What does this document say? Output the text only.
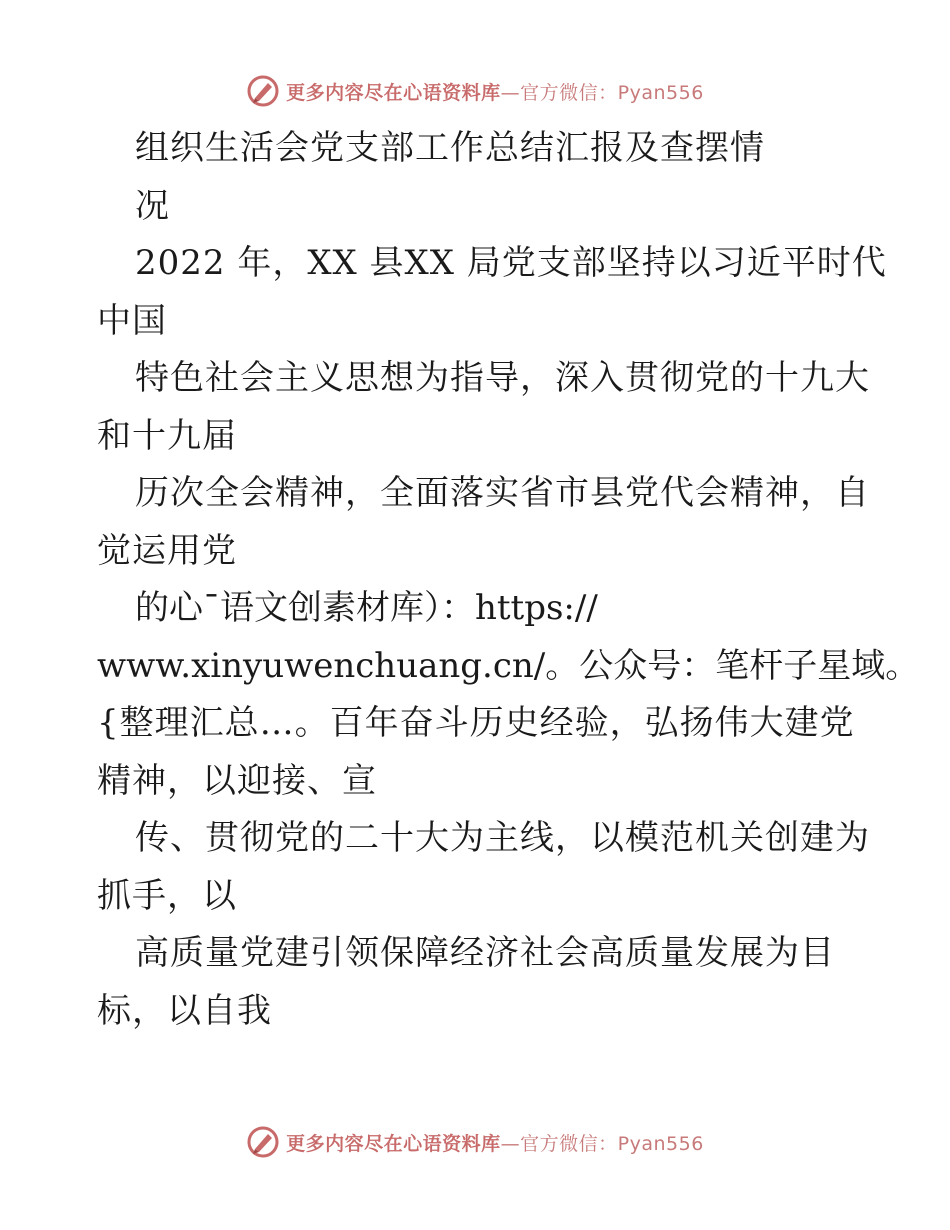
更多内容尽在心语资料库—官方微信：Pyan556
组织生活会党支部工作总结汇报及查摆情
况
2022 年，XX 县XX 局党支部坚持以习近平时代
中国
特色社会主义思想为指导，深入贯彻党的十九大
和十九届
历次全会精神，全面落实省市县党代会精神，自
觉运用党
的心¯语文创素材库）：https://
www.xinyuwenchuang.cn/。公众号：笔杆子星域。
{整理汇总…。百年奋斗历史经验，弘扬伟大建党
精神，以迎接、宣
传、贯彻党的二十大为主线，以模范机关创建为
抓手，以
高质量党建引领保障经济社会高质量发展为目
标，以自我
更多内容尽在心语资料库—官方微信：Pyan556
